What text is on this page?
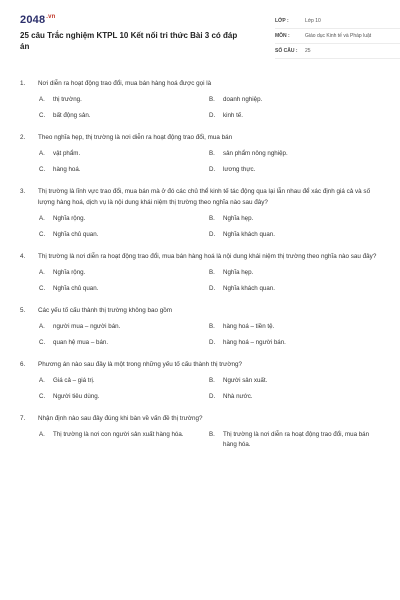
$2048^{.vn}$
25 câu Trắc nghiệm KTPL 10 Kết nối tri thức Bài 3 có đáp án
LỚP :	Lớp 10
MÔN :	Giáo dục Kinh tế và Pháp luật
SỐ CÂU :	25
1.	Nơi diễn ra hoạt động trao đổi, mua bán hàng hoá được gọi là
A.	thị trường.	B.	doanh nghiệp.
C.	bất động sản.	D.	kinh tế.
2.	Theo nghĩa hẹp, thị trường là nơi diễn ra hoạt động trao đổi, mua bán
A.	vật phẩm.	B.	sản phẩm nông nghiệp.
C.	hàng hoá.	D.	lương thực.
3.	Thị trường là lĩnh vực trao đổi, mua bán mà ở đó các chủ thể kinh tế tác động qua lại lẫn nhau để xác định giá cả và số lượng hàng hoá, dịch vụ là nội dung khái niệm thị trường theo nghĩa nào sau đây?
A.	Nghĩa rộng.	B.	Nghĩa hẹp.
C.	Nghĩa chủ quan.	D.	Nghĩa khách quan.
4.	Thị trường là nơi diễn ra hoạt động trao đổi, mua bán hàng hoá là nội dung khái niệm thị trường theo nghĩa nào sau đây?
A.	Nghĩa rộng.	B.	Nghĩa hẹp.
C.	Nghĩa chủ quan.	D.	Nghĩa khách quan.
5.	Các yếu tố cấu thành thị trường không bao gồm
A.	người mua – người bán.	B.	hàng hoá – tiền tệ.
C.	quan hệ mua – bán.	D.	hàng hoá – người bán.
6.	Phương án nào sau đây là một trong những yếu tố cấu thành thị trường?
A.	Giá cả – giá trị.	B.	Người sản xuất.
C.	Người tiêu dùng.	D.	Nhà nước.
7.	Nhận định nào sau đây đúng khi bàn về vấn đề thị trường?
A.	Thị trường là nơi con người sản xuất hàng hóa.	B.	Thị trường là nơi diễn ra hoạt động trao đổi, mua bán hàng hóa.
